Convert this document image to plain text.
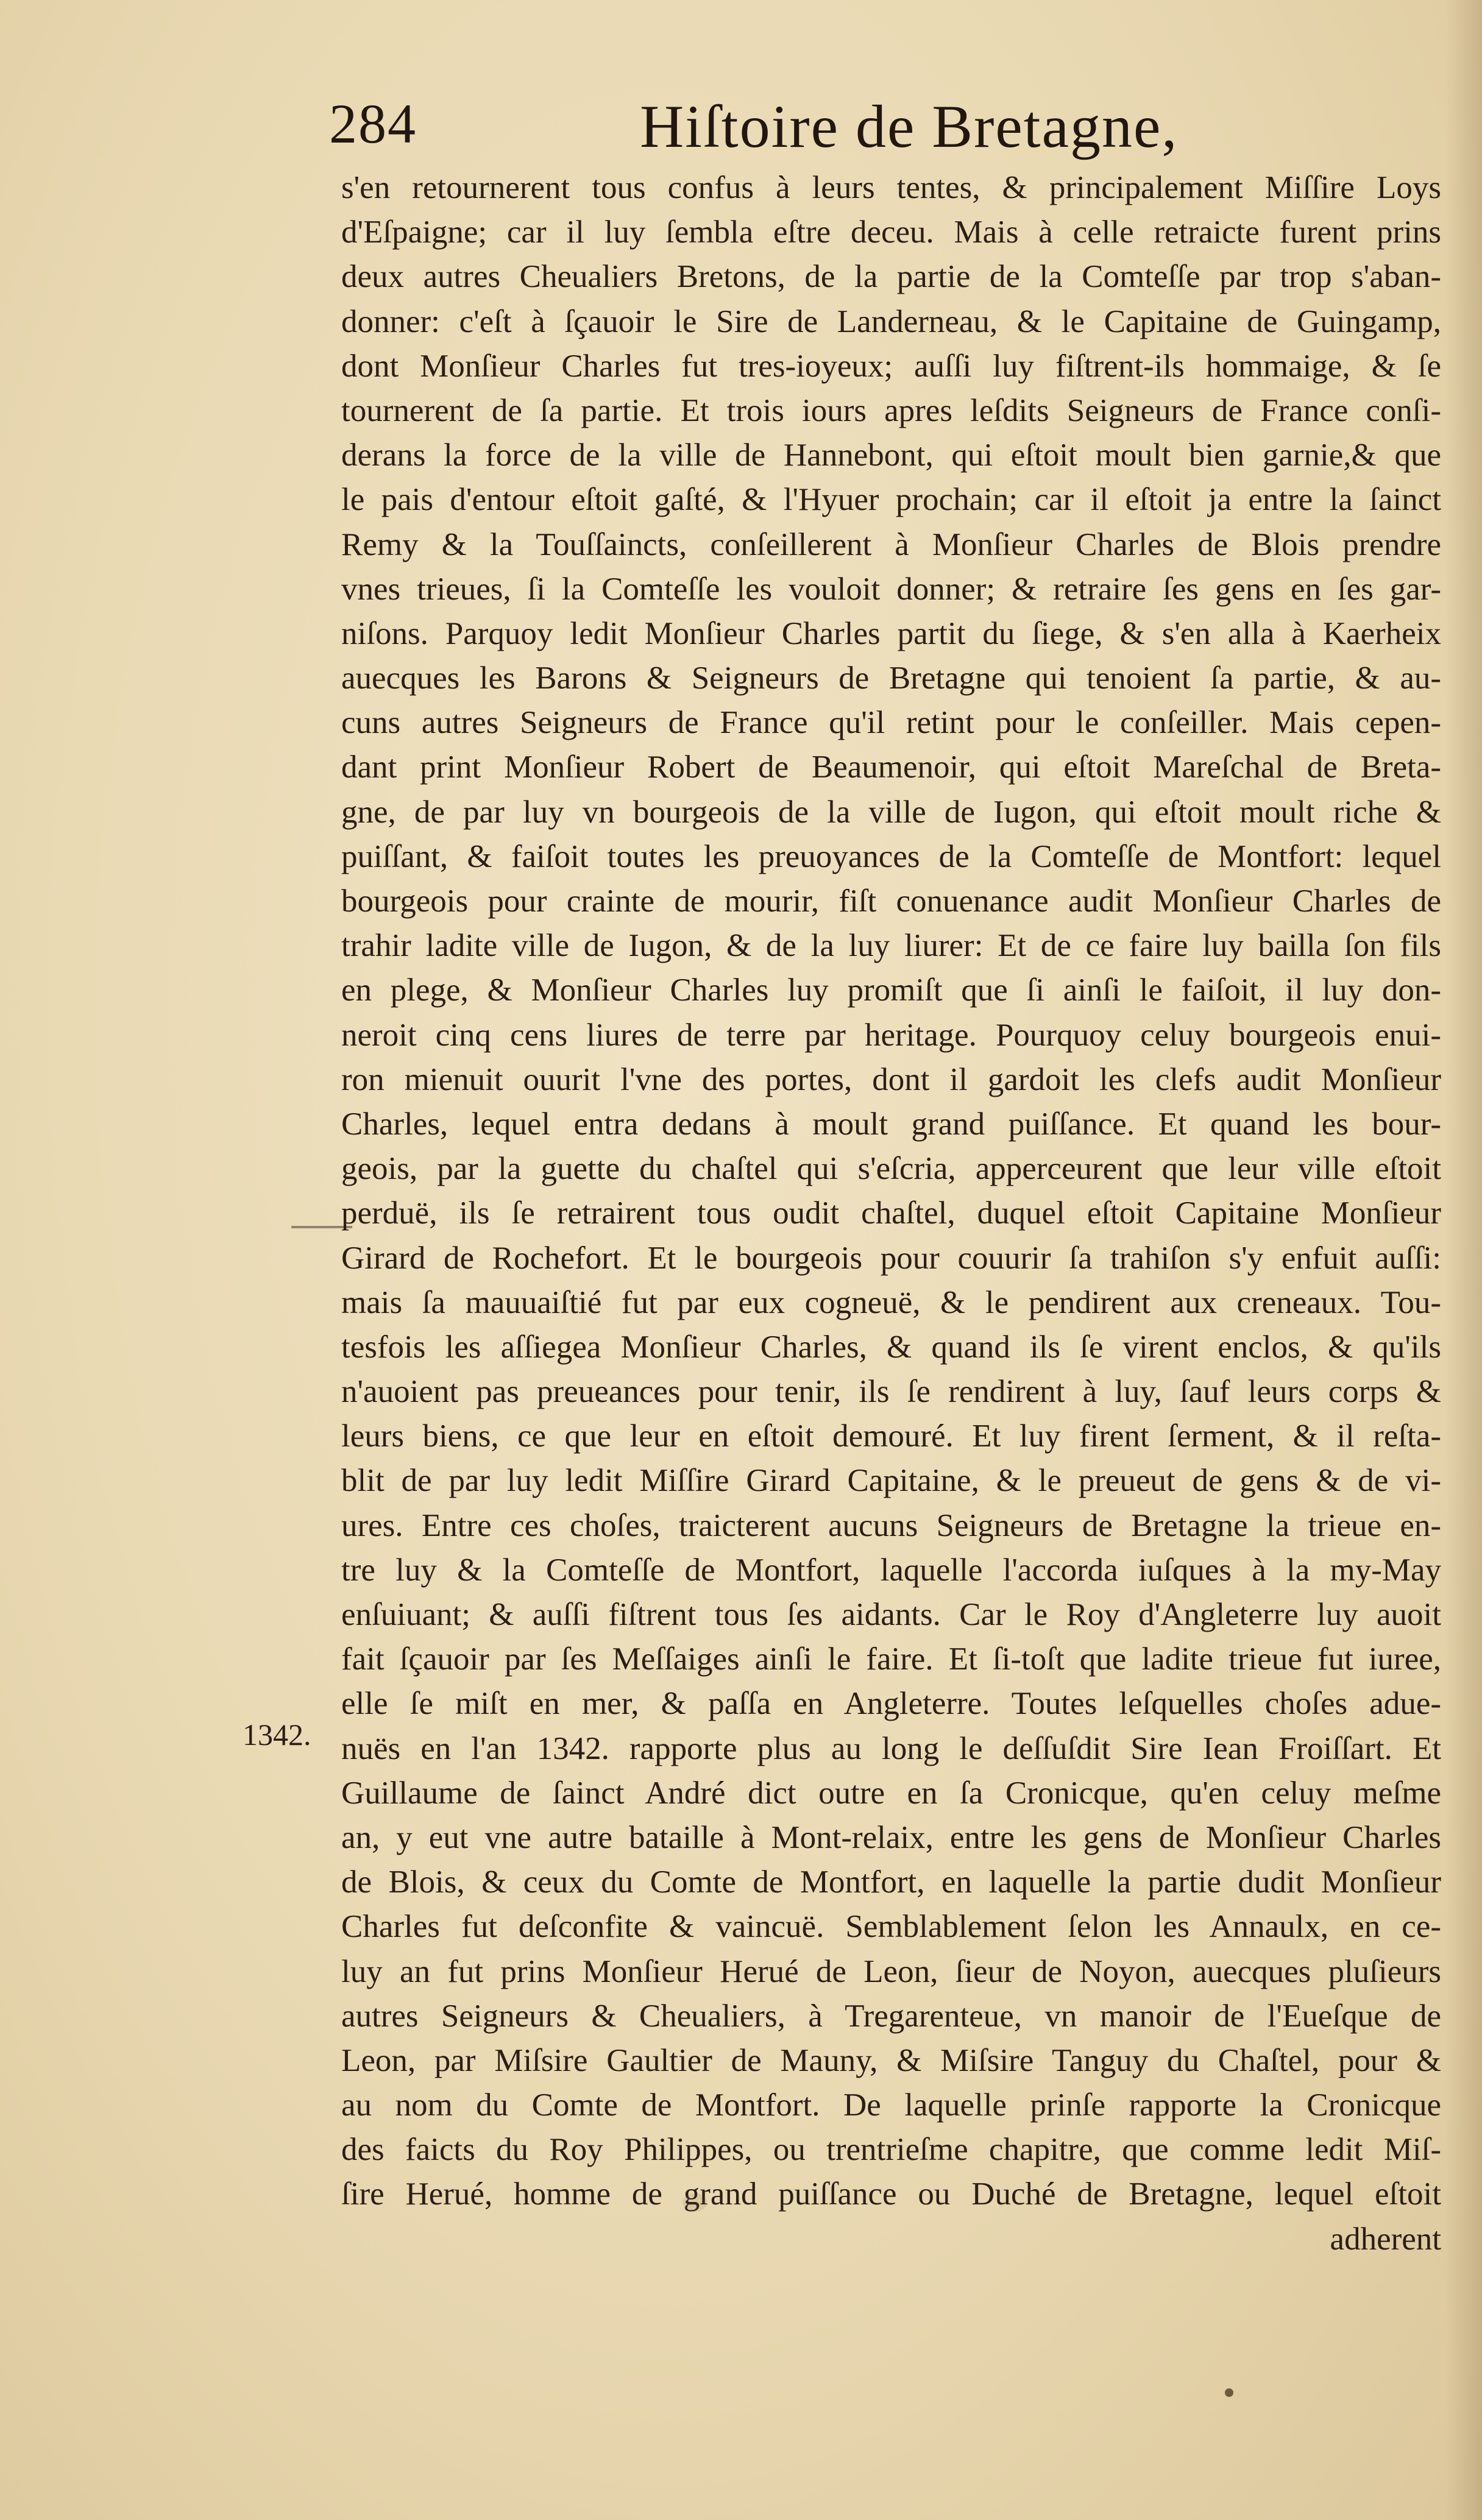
284	Hiſtoire de Bretagne,
1342.
s'en retournerent tous confus à leurs tentes, & principalement Miſſire Loys
d'Eſpaigne; car il luy ſembla eſtre deceu. Mais à celle retraicte furent prins
deux autres Cheualiers Bretons, de la partie de la Comteſſe par trop s'aban-
donner: c'eſt à ſçauoir le Sire de Landerneau, & le Capitaine de Guingamp,
dont Monſieur Charles fut tres-ioyeux; auſſi luy fiſtrent-ils hommaige, & ſe
tournerent de ſa partie. Et trois iours apres leſdits Seigneurs de France conſi-
derans la force de la ville de Hannebont, qui eſtoit moult bien garnie,& que
le pais d'entour eſtoit gaſté, & l'Hyuer prochain; car il eſtoit ja entre la ſainct
Remy & la Touſſaincts, conſeillerent à Monſieur Charles de Blois prendre
vnes trieues, ſi la Comteſſe les vouloit donner; & retraire ſes gens en ſes gar-
niſons. Parquoy ledit Monſieur Charles partit du ſiege, & s'en alla à Kaerheix
auecques les Barons & Seigneurs de Bretagne qui tenoient ſa partie, & au-
cuns autres Seigneurs de France qu'il retint pour le conſeiller. Mais cepen-
dant print Monſieur Robert de Beaumenoir, qui eſtoit Mareſchal de Breta-
gne, de par luy vn bourgeois de la ville de Iugon, qui eſtoit moult riche &
puiſſant, & faiſoit toutes les preuoyances de la Comteſſe de Montfort: lequel
bourgeois pour crainte de mourir, fiſt conuenance audit Monſieur Charles de
trahir ladite ville de Iugon, & de la luy liurer: Et de ce faire luy bailla ſon fils
en plege, & Monſieur Charles luy promiſt que ſi ainſi le faiſoit, il luy don-
neroit cinq cens liures de terre par heritage. Pourquoy celuy bourgeois enui-
ron mienuit ouurit l'vne des portes, dont il gardoit les clefs audit Monſieur
Charles, lequel entra dedans à moult grand puiſſance. Et quand les bour-
geois, par la guette du chaſtel qui s'eſcria, apperceurent que leur ville eſtoit
perduë, ils ſe retrairent tous oudit chaſtel, duquel eſtoit Capitaine Monſieur
Girard de Rochefort. Et le bourgeois pour couurir ſa trahiſon s'y enfuit auſſi:
mais ſa mauuaiſtié fut par eux cogneuë, & le pendirent aux creneaux. Tou-
tesfois les aſſiegea Monſieur Charles, & quand ils ſe virent enclos, & qu'ils
n'auoient pas preueances pour tenir, ils ſe rendirent à luy, ſauf leurs corps &
leurs biens, ce que leur en eſtoit demouré. Et luy firent ſerment, & il reſta-
blit de par luy ledit Miſſire Girard Capitaine, & le preueut de gens & de vi-
ures. Entre ces choſes, traicterent aucuns Seigneurs de Bretagne la trieue en-
tre luy & la Comteſſe de Montfort, laquelle l'accorda iuſques à la my-May
enſuiuant; & auſſi fiſtrent tous ſes aidants. Car le Roy d'Angleterre luy auoit
fait ſçauoir par ſes Meſſaiges ainſi le faire. Et ſi-toſt que ladite trieue fut iuree,
elle ſe miſt en mer, & paſſa en Angleterre. Toutes leſquelles choſes adue-
nuës en l'an 1342. rapporte plus au long le deſſuſdit Sire Iean Froiſſart. Et
Guillaume de ſainct André dict outre en ſa Cronicque, qu'en celuy meſme
an, y eut vne autre bataille à Mont-relaix, entre les gens de Monſieur Charles
de Blois, & ceux du Comte de Montfort, en laquelle la partie dudit Monſieur
Charles fut deſconfite & vaincuë. Semblablement ſelon les Annaulx, en ce-
luy an fut prins Monſieur Herué de Leon, ſieur de Noyon, auecques pluſieurs
autres Seigneurs & Cheualiers, à Tregarenteue, vn manoir de l'Eueſque de
Leon, par Miſsire Gaultier de Mauny, & Miſsire Tanguy du Chaſtel, pour &
au nom du Comte de Montfort. De laquelle prinſe rapporte la Cronicque
des faicts du Roy Philippes, ou trentrieſme chapitre, que comme ledit Miſ-
ſire Herué, homme de grand puiſſance ou Duché de Bretagne, lequel eſtoit
adherent
